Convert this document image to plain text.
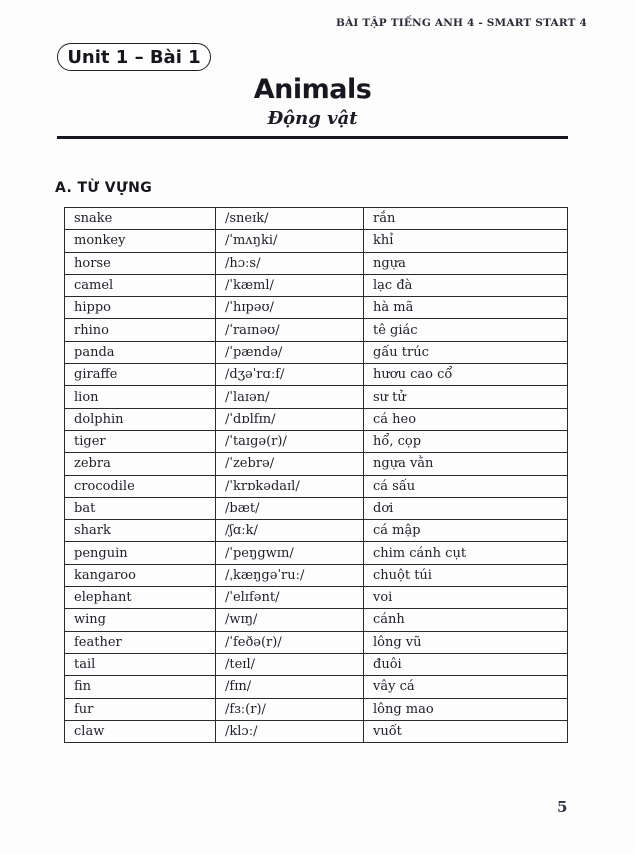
BÀI TẬP TIẾNG ANH 4 - SMART START 4
Unit 1 – Bài 1
Animals
Động vật
A. TỪ VỰNG
snake	/sneɪk/	rắn
monkey	/ˈmʌŋki/	khỉ
horse	/hɔːs/	ngựa
camel	/ˈkæml/	lạc đà
hippo	/ˈhɪpəʊ/	hà mã
rhino	/ˈraɪnəʊ/	tê giác
panda	/ˈpændə/	gấu trúc
giraffe	/dʒəˈrɑːf/	hươu cao cổ
lion	/ˈlaɪən/	sư tử
dolphin	/ˈdɒlfɪn/	cá heo
tiger	/ˈtaɪgə(r)/	hổ, cọp
zebra	/ˈzebrə/	ngựa vằn
crocodile	/ˈkrɒkədaɪl/	cá sấu
bat	/bæt/	dơi
shark	/ʃɑːk/	cá mập
penguin	/ˈpeŋgwɪn/	chim cánh cụt
kangaroo	/ˌkæŋgəˈruː/	chuột túi
elephant	/ˈelɪfənt/	voi
wing	/wɪŋ/	cánh
feather	/ˈfeðə(r)/	lông vũ
tail	/teɪl/	đuôi
fin	/fɪn/	vây cá
fur	/fɜː(r)/	lông mao
claw	/klɔː/	vuốt
5
